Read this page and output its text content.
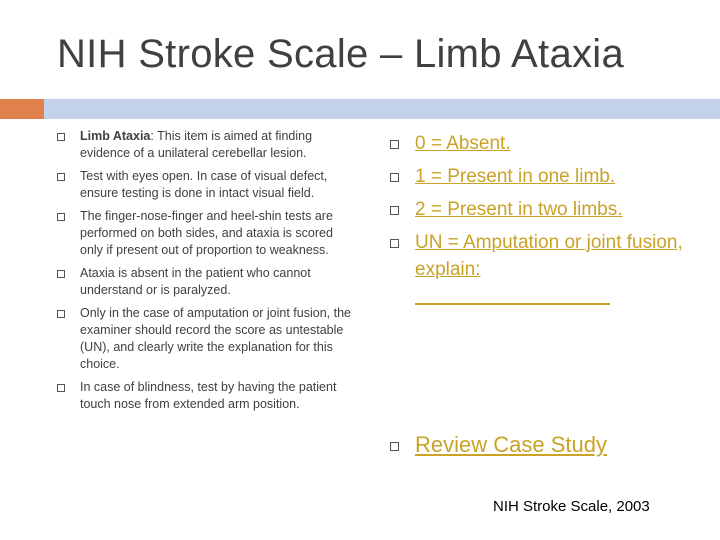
NIH Stroke Scale – Limb Ataxia
Limb Ataxia: This item is aimed at finding evidence of a unilateral cerebellar lesion.
Test with eyes open. In case of visual defect, ensure testing is done in intact visual field.
The finger-nose-finger and heel-shin tests are performed on both sides, and ataxia is scored only if present out of proportion to weakness.
Ataxia is absent in the patient who cannot understand or is paralyzed.
Only in the case of amputation or joint fusion, the examiner should record the score as untestable (UN), and clearly write the explanation for this choice.
In case of blindness, test by having the patient touch nose from extended arm position.
0 = Absent.
1 = Present in one limb.
2 = Present in two limbs.
UN = Amputation or joint fusion, explain:
Review Case Study
NIH Stroke Scale, 2003
